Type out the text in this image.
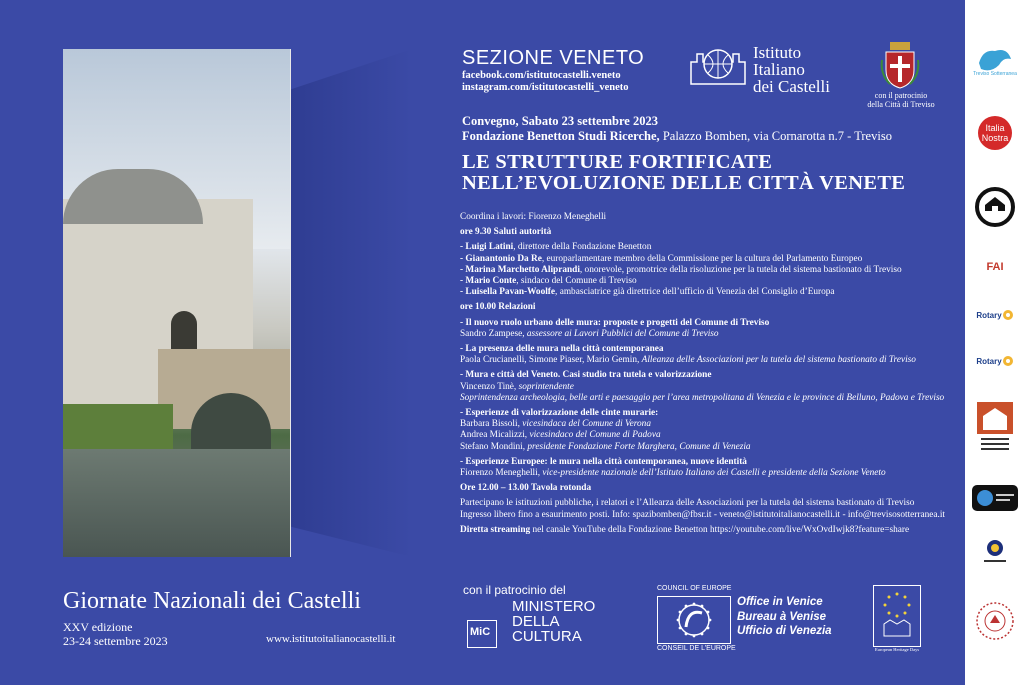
SEZIONE VENETO
facebook.com/istitutocastelli.veneto
instagram.com/istitutocastelli_veneto
Istituto
Italiano
dei Castelli	con il patrocinio
della Città di Treviso
Convegno, Sabato 23 settembre 2023
Fondazione Benetton Studi Ricerche, Palazzo Bomben, via Cornarotta n.7 - Treviso
LE STRUTTURE FORTIFICATE
NELL’EVOLUZIONE DELLE CITTÀ VENETE

Coordina i lavori: Fiorenzo Meneghelli

ore 9.30 Saluti autorità

- Luigi Latini, direttore della Fondazione Benetton

- Gianantonio Da Re, europarlamentare membro della Commissione per la cultura del Parlamento Europeo

- Marina Marchetto Aliprandi, onorevole, promotrice della risoluzione per la tutela del sistema bastionato di Treviso

- Mario Conte, sindaco del Comune di Treviso

- Luisella Pavan-Woolfe, ambasciatrice già direttrice dell’ufficio di Venezia del Consiglio d’Europa

ore 10.00 Relazioni

- Il nuovo ruolo urbano delle mura: proposte e progetti del Comune di Treviso

Sandro Zampese, assessore ai Lavori Pubblici del Comune di Treviso

- La presenza delle mura nella città contemporanea

Paola Crucianelli, Simone Piaser, Mario Gemin, Alleanza delle Associazioni per la tutela del sistema bastionato di Treviso

- Mura e città del Veneto. Casi studio tra tutela e valorizzazione

Vincenzo Tinè, soprintendente

Soprintendenza archeologia, belle arti e paesaggio per l’area metropolitana di Venezia e le province di Belluno, Padova e Treviso

- Esperienze di valorizzazione delle cinte murarie:

Barbara Bissoli, vicesindaca del Comune di Verona

Andrea Micalizzi, vicesindaco del Comune di Padova

Stefano Mondini, presidente Fondazione Forte Marghera, Comune di Venezia

- Esperienze Europee: le mura nella città contemporanea, nuove identità

Fiorenzo Meneghelli, vice-presidente nazionale dell’Istituto Italiano dei Castelli e presidente della Sezione Veneto

Ore 12.00 – 13.00 Tavola rotonda

Partecipano le istituzioni pubbliche, i relatori e l’Allearza delle Associazioni per la tutela del sistema bastionato di Treviso

Ingresso libero fino a esaurimento posti. Info: spazibomben@fbsr.it - veneto@istitutoitalianocastelli.it - info@trevisosotterranea.it

Diretta streaming nel canale YouTube della Fondazione Benetton https://youtube.com/live/WxOvdIwjk8?feature=share

Giornate Nazionali dei Castelli
XXV edizione
23-24 settembre 2023	www.istitutoitalianocastelli.it
con il patrocinio del
MiC
MINISTERO
DELLA
CULTURA
COUNCIL OF EUROPE
CONSEIL DE L’EUROPE
Office in Venice
Bureau à Venise
Ufficio di Venezia
European Heritage Days
Treviso Sotterranea
Italia Nostra
FAI
Rotary
Rotary
